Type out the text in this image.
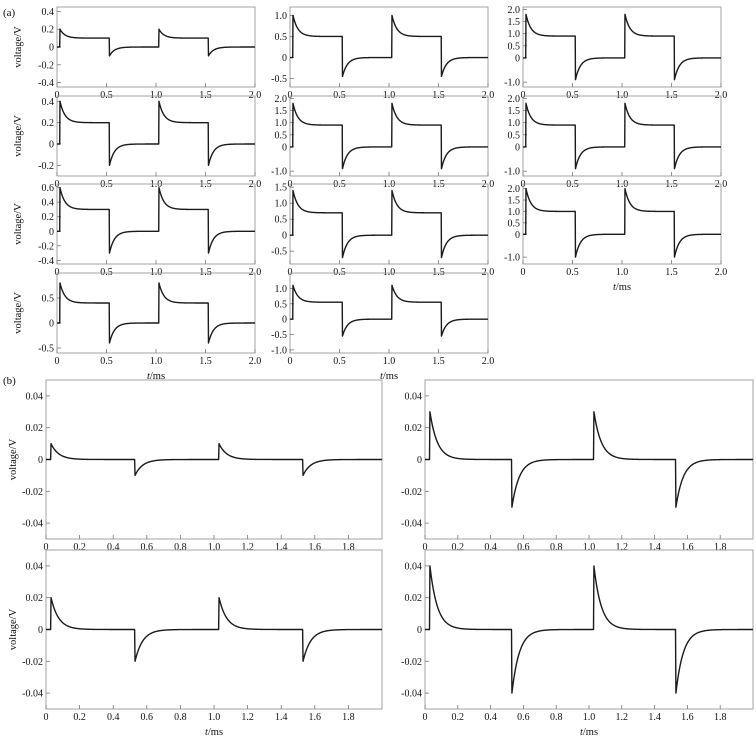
(a)
(b)
-0.4
-0.2
0
0.2
0.4
0	0.5	1.0	1.5	2.0
voltage/V
-0.5
0
0.5
1.0
0	0.5	1.0	1.5	2.0
-1.0
0
0.5
1.0
1.5
2.0
0	0.5	1.0	1.5	2.0
-0.2
0
0.2
0.4
0	0.5	1.0	1.5	2.0
voltage/V
-1.0
0
0.5
1.0
1.5
2.0
0	0.5	1.0	1.5	2.0
-1.0
0
0.5
1.0
1.5
2.0
0	0.5	1.0	1.5	2.0
-0.4
-0.2
0
0.2
0.4
0.6
0	0.5	1.0	1.5	2.0
voltage/V
-0.5
0
0.5
1.0
1.5
0	0.5	1.0	1.5	2.0
-1.0
0
0.5
1.0
1.5
2.0
0	0.5	1.0	1.5	2.0
t/ms
-0.5
0
0.5
0	0.5	1.0	1.5	2.0
voltage/V
t/ms
-1.0
-0.5
0
0.5
1.0
0	0.5	1.0	1.5	2.0
t/ms
-0.04
-0.02
0
0.02
0.04
0 0.2 0.4 0.6 0.8 1.0 1.2 1.4 1.6 1.8
voltage/V
-0.04
-0.02
0
0.02
0.04
0 0.2 0.4 0.6 0.8 1.0 1.2 1.4 1.6 1.8
-0.04
-0.02
0
0.02
0.04
0 0.2 0.4 0.6 0.8 1.0 1.2 1.4 1.6 1.8
voltage/V
t/ms
-0.04
-0.02
0
0.02
0.04
0 0.2 0.4 0.6 0.8 1.0 1.2 1.4 1.6 1.8
t/ms
